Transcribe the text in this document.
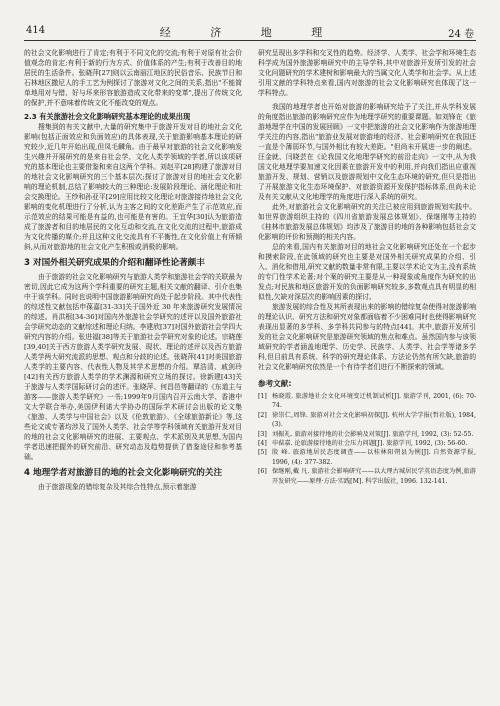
414	经 济 地 理	24 卷

的社会文化影响进行了肯定;有利于不同文化的交流;有利于对原有社会价值观念的肯定;有利于新的行为方式、价值体系的产生;有利于改善目的地居民的生活条件。张晓萍[27]则以云南丽江地区的民俗音乐、民族节日和石林地区撒尼人的手工艺为例探讨了旅游对文化之间的关系,指出"不能简单地用对与错、好与坏来形容旅游造成文化带来的变革",提出了传统文化的保护,并不意味着传统文化不能改变的观点。

2.3 有关旅游社会文化影响研究基本理论的成果出现

搜集到的有关文献中,大量的研究集中于旅游开发对目的地社会文化影响(包括正面效应和负面效应)的具体表现,关于旅游影响基本理论的研究较少,近几年开始出现,但凤毛麟角。由于最早对旅游的社会文化影响发生兴趣并开展研究的是来自社会学、文化人类学领域的学者,所以该项研究的基本理论也主要借鉴和来自这两个学科。刘赵平[28]构建了旅游对目的地社会文化影响研究的三个基本层次;探讨了旅游对目的地社会文化影响的理论机制,总结了影响较大的三种理论:发展阶段理论、涵化理论和社会交换理论。王纱和孙亚平[29]应用比较文化理论对旅游接待地社会文化影响的变化机理进行了分析,认为主客之间的文化差距产生了示范效应,而示范效应的结果可能是有益的,也可能是有害的。王宜华[30]认为旅游造成了旅游者和目的地居民的文化互动和交流,在文化交流的过程中,旅游成为文化传播的媒介;并且这种文化交流具有不平衡性,在文化价值上有所倾斜,从而对旅游地的社会文化产生积极或消极的影响。

3 对国外相关研究成果的介绍和翻译性论著颇丰

由于旅游的社会文化影响研究与旅游人类学和旅游社会学的关联最为密切,因此它成为这两个学科重要的研究主题,相关文献的翻译、引介也集中于该学科。同时也说明中国旅游影响研究尚处于起步阶段。其中代表性的综述性文献包括申葆嘉[31-33]关于国外近 30 年来旅游研究发展情况的综述。肖洪根[34-36]对国内外旅游社会学研究的述评以及国外旅游社会学研究动态的文献综述和理论归纳。李建欣[37]对国外旅游社会学四大研究内容的介绍。张进福[38]等关于旅游社会学研究对象的论述。宗晓莲[39,40]关于西方旅游人类学研究发展、现状、理论的述评以及西方旅游人类学两大研究流派的思想、观点和分歧的论述。张晓萍[41]对美国旅游人类学的主要内容、代表性人物及其学术思想的介绍。覃浩清、戚剑玲[42]有关西方旅游人类学的学术渊源和研究立场的探讨。徐新建[43]关于旅游与人类学国际研讨会的述评。张晓萍、何昌邑等翻译的《东道主与游客——旅游人类学研究》一书;1999年9月国内召开云南大学、香港中文大学联合举办,美国伊利诺大学协办的国际学术研讨会出版的论文集《旅游、人类学与中国社会》以及《伦敦旅游》、《全球旅游新论》等,这些论文或专著均涉及了国外人类学、社会学等学科领域有关旅游开发对目的地的社会文化影响研究的进展、主要观点、学术派别及其思想,为国内学者迅速把握外的研究前沿、研究动态及趋势提供了借鉴途径和参考基础。

4 地理学者对旅游目的地的社会文化影响研究的关注

由于旅游现象的错综复杂及其综合性特点,预示着旅游

研究呈现出多学科和交叉性的趋势。经济学、人类学、社会学和环境生态科学成为国外旅游影响研究中的主导学科,其中对旅游开发所引发的社会文化问题研究的学术建树和影响最大的当属文化人类学和社会学。从上述引用文献的学科特点来看,国内对旅游的社会文化影响研究也体现了这一学科特点。

我国的地理学者也开始对旅游的影响研究给予了关注,并从学科发展的角度指出旅游的影响研究应作为地理学研究的重要课题。如刘锋在《旅游地理学在中国的发展回顾》一文中把旅游的社会文化影响作为旅游地理学关注的内容,指出"旅游业发展对旅游地的经济、社会影响研究在我国还一直是个薄弱环节,与国外相比有较大差距。"但尚未开展进一步的阐述。汪金就、闫晓芸在《论我国文化地理学研究的前沿走向》一文中,从为我国文化地理学要加速文化因素在旅游开发中的利用,并向我们指出应重视旅游开发、规划、营销以及旅游规划中文化生态环境的研究,但只是指出了开展旅游文化生态环境保护、对旅游资源开发保护指标体系,但尚未论及有关文献从文化地理学的角度进行深入系统的研究。

此外,对旅游社会文化影响研究的关注已被应用到旅游规划实践中。如世界旅游组织主持的《四川省旅游发展总体规划》、保继刚等主持的《桂林市旅游发展总体规划》均涉及了旅游目的地的各种影响包括社会文化影响的评价和预测的相关内容。

总的来看,国内有关旅游对目的地社会文化影响研究还处在一个起步和摸索阶段,在此领域的研究也主要是对国外相关研究成果的介绍、引入、消化和借用,研究文献的数量非常有限,主要以学术论文为主,没有系统的专门性学术论著;对个案的研究主要是从一种现象或角度作为研究的出发点;对民族和地区旅游开发的负面影响研究较多,多数观点具有明显的相似性,欠缺对深层次的影响因素的探讨。

旅游发展的综合性及其所表现出来的影响的错综复杂使得对旅游影响的理论认识、研究方法和研究对象都面临着不少困难同时也使得影响研究表现出显著的多学科、多学科共同参与的特点[44]。其中,旅游开发所引发的社会文化影响研究是旅游研究领域的焦点和难点。虽然国内参与该领域研究的学者涵盖地理学、历史学、民族学、人类学、社会学等诸多学科,但目前具有系统、科学的研究理论体系、方法论仍然有所欠缺,旅游的社会文化影响研究依然是一个有待学者们进行不断探索的领域。

参考文献:
[1] 杨晓霞. 旅游地社会文化环境变迁机制试析[J]. 旅游学刊, 2001, (6): 70-74.
[2] 徐崇仁,周锋. 旅游对社会文化影响初探[J]. 杭州大学学报(哲社版), 1984, (3).
[3] 刘振礼. 旅游对接待地的社会影响及对策[J]. 旅游学刊, 1992, (3): 52-55.
[4] 申葆嘉. 论旅游接待地的社会压力问题[J]. 旅游学刊, 1992, (3): 56-60.
[5] 殷 峰. 旅游地居民态度调查——以桂林阳朔县为例[J]. 自然资源学报, 1996, (4): 377-382.
[6] 保继刚,戴 凡. 旅游社会影响研究——以大理古城居民学英语态度为例,旅游开发研究——原理·方法·实践[M]. 科学出版社, 1996. 132-141.
